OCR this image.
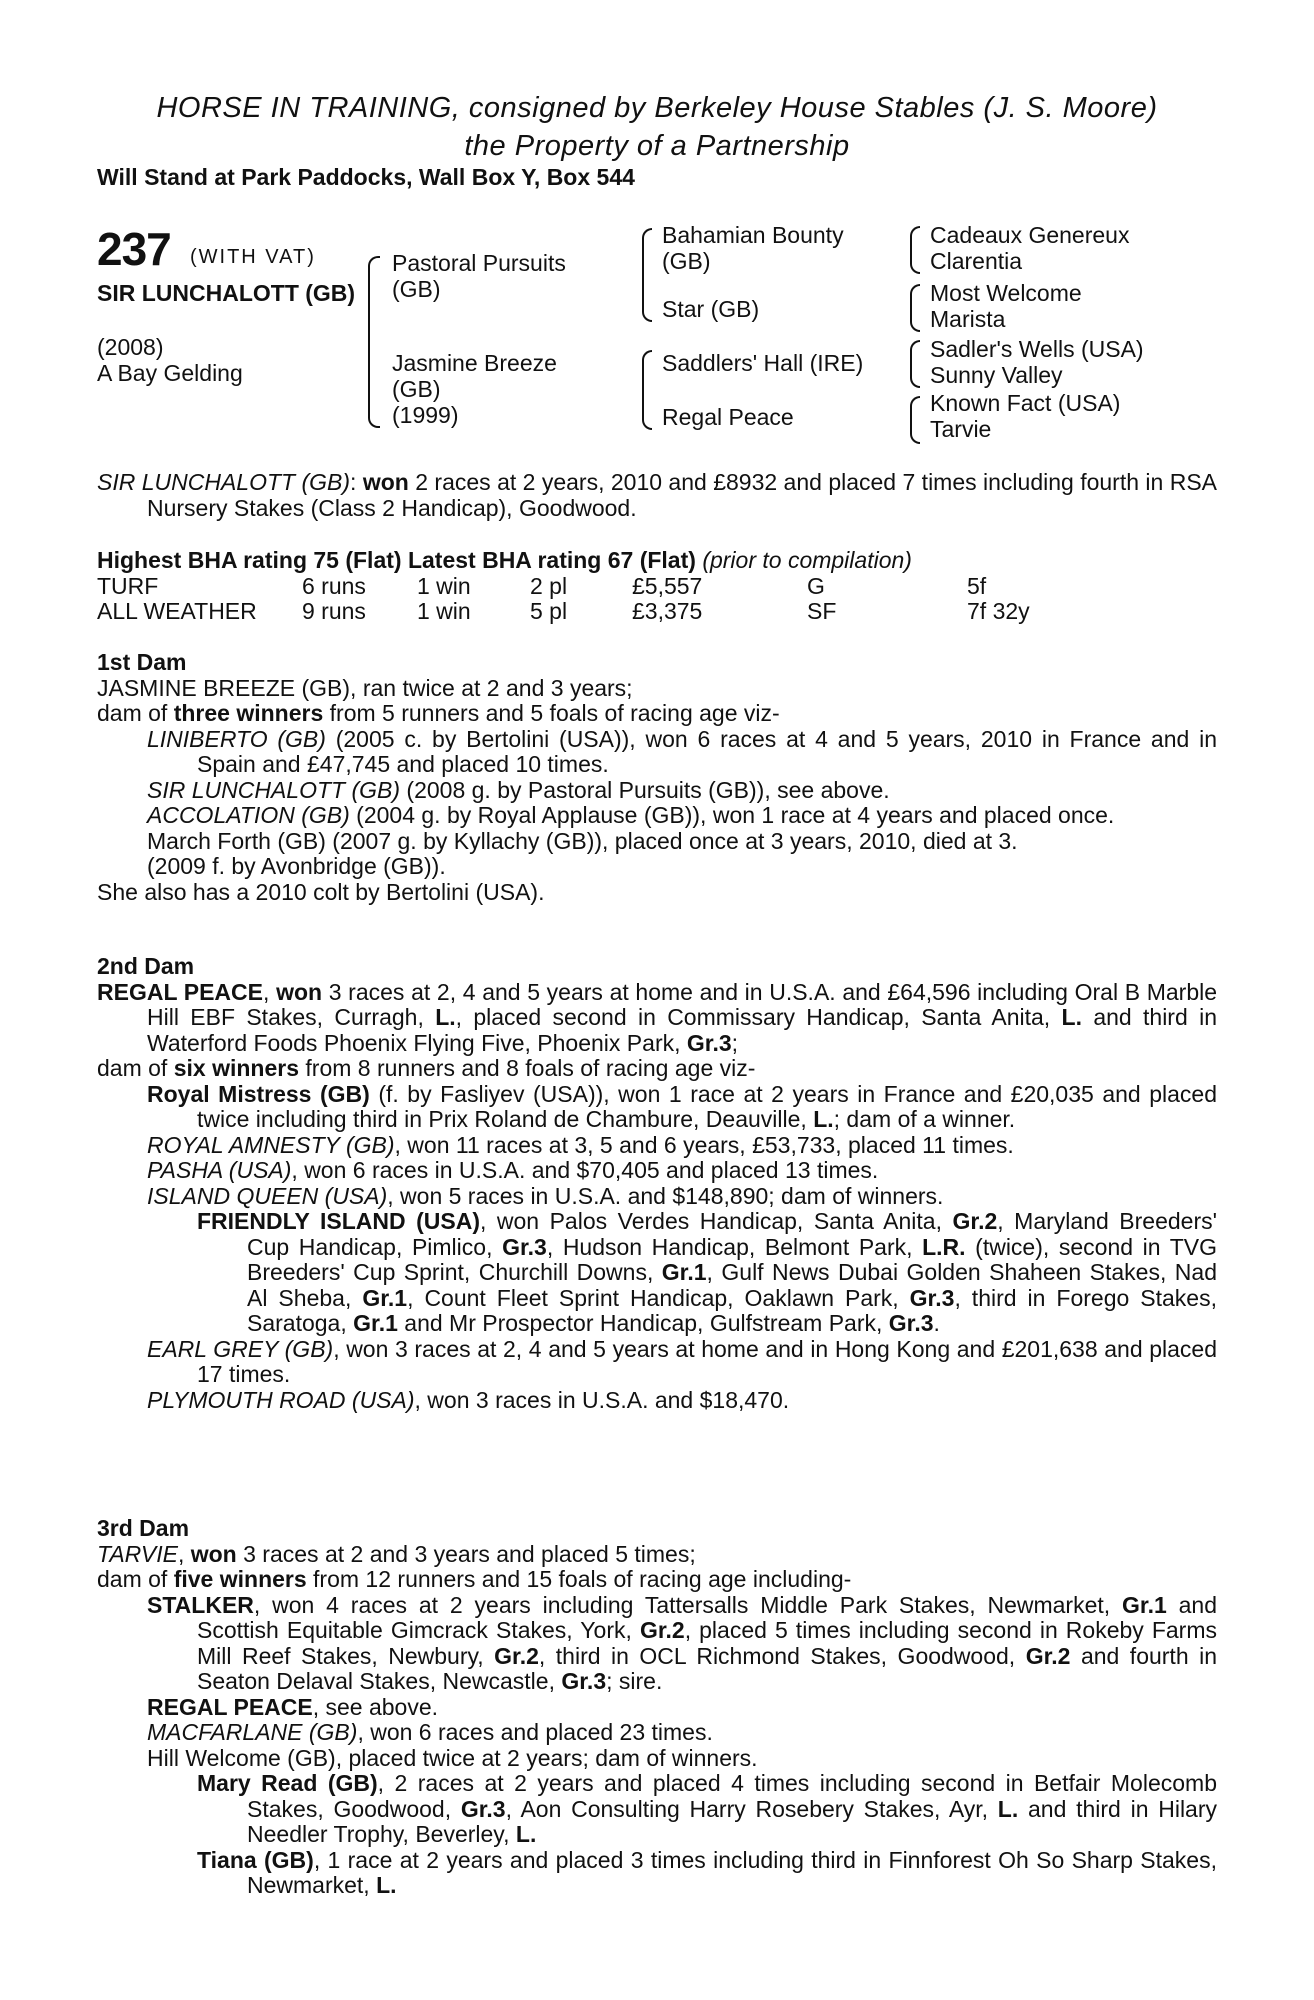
HORSE IN TRAINING, consigned by Berkeley House Stables (J. S. Moore)
the Property of a Partnership
Will Stand at Park Paddocks, Wall Box Y, Box 544
237 (WITH VAT)
SIR LUNCHALOTT (GB)
(2008)
A Bay Gelding
Pastoral Pursuits (GB)
Jasmine Breeze
(GB)
(1999)
Bahamian Bounty (GB)
Star (GB)
Saddlers' Hall (IRE)
Regal Peace
Cadeaux Genereux
Clarentia
Most Welcome
Marista
Sadler's Wells (USA)
Sunny Valley
Known Fact (USA)
Tarvie

SIR LUNCHALOTT (GB): won 2 races at 2 years, 2010 and £8932 and placed 7 times including fourth in RSA Nursery Stakes (Class 2 Handicap), Goodwood.

Highest BHA rating 75 (Flat) Latest BHA rating 67 (Flat) (prior to compilation)
TURF	6 runs	1 win	2 pl	£5,557	G	5f
ALL WEATHER	9 runs	1 win	5 pl	£3,375	SF	7f 32y
1st Dam

JASMINE BREEZE (GB), ran twice at 2 and 3 years;

dam of three winners from 5 runners and 5 foals of racing age viz-

LINIBERTO (GB) (2005 c. by Bertolini (USA)), won 6 races at 4 and 5 years, 2010 in France and in Spain and £47,745 and placed 10 times.

SIR LUNCHALOTT (GB) (2008 g. by Pastoral Pursuits (GB)), see above.

ACCOLATION (GB) (2004 g. by Royal Applause (GB)), won 1 race at 4 years and placed once.

March Forth (GB) (2007 g. by Kyllachy (GB)), placed once at 3 years, 2010, died at 3.

(2009 f. by Avonbridge (GB)).

She also has a 2010 colt by Bertolini (USA).

2nd Dam

REGAL PEACE, won 3 races at 2, 4 and 5 years at home and in U.S.A. and £64,596 including Oral B Marble Hill EBF Stakes, Curragh, L., placed second in Commissary Handicap, Santa Anita, L. and third in Waterford Foods Phoenix Flying Five, Phoenix Park, Gr.3;

dam of six winners from 8 runners and 8 foals of racing age viz-

Royal Mistress (GB) (f. by Fasliyev (USA)), won 1 race at 2 years in France and £20,035 and placed twice including third in Prix Roland de Chambure, Deauville, L.; dam of a winner.

ROYAL AMNESTY (GB), won 11 races at 3, 5 and 6 years, £53,733, placed 11 times.

PASHA (USA), won 6 races in U.S.A. and $70,405 and placed 13 times.

ISLAND QUEEN (USA), won 5 races in U.S.A. and $148,890; dam of winners.

FRIENDLY ISLAND (USA), won Palos Verdes Handicap, Santa Anita, Gr.2, Maryland Breeders' Cup Handicap, Pimlico, Gr.3, Hudson Handicap, Belmont Park, L.R. (twice), second in TVG Breeders' Cup Sprint, Churchill Downs, Gr.1, Gulf News Dubai Golden Shaheen Stakes, Nad Al Sheba, Gr.1, Count Fleet Sprint Handicap, Oaklawn Park, Gr.3, third in Forego Stakes, Saratoga, Gr.1 and Mr Prospector Handicap, Gulfstream Park, Gr.3.

EARL GREY (GB), won 3 races at 2, 4 and 5 years at home and in Hong Kong and £201,638 and placed 17 times.

PLYMOUTH ROAD (USA), won 3 races in U.S.A. and $18,470.

3rd Dam

TARVIE, won 3 races at 2 and 3 years and placed 5 times;

dam of five winners from 12 runners and 15 foals of racing age including-

STALKER, won 4 races at 2 years including Tattersalls Middle Park Stakes, Newmarket, Gr.1 and Scottish Equitable Gimcrack Stakes, York, Gr.2, placed 5 times including second in Rokeby Farms Mill Reef Stakes, Newbury, Gr.2, third in OCL Richmond Stakes, Goodwood, Gr.2 and fourth in Seaton Delaval Stakes, Newcastle, Gr.3; sire.

REGAL PEACE, see above.

MACFARLANE (GB), won 6 races and placed 23 times.

Hill Welcome (GB), placed twice at 2 years; dam of winners.

Mary Read (GB), 2 races at 2 years and placed 4 times including second in Betfair Molecomb Stakes, Goodwood, Gr.3, Aon Consulting Harry Rosebery Stakes, Ayr, L. and third in Hilary Needler Trophy, Beverley, L.

Tiana (GB), 1 race at 2 years and placed 3 times including third in Finnforest Oh So Sharp Stakes, Newmarket, L.
